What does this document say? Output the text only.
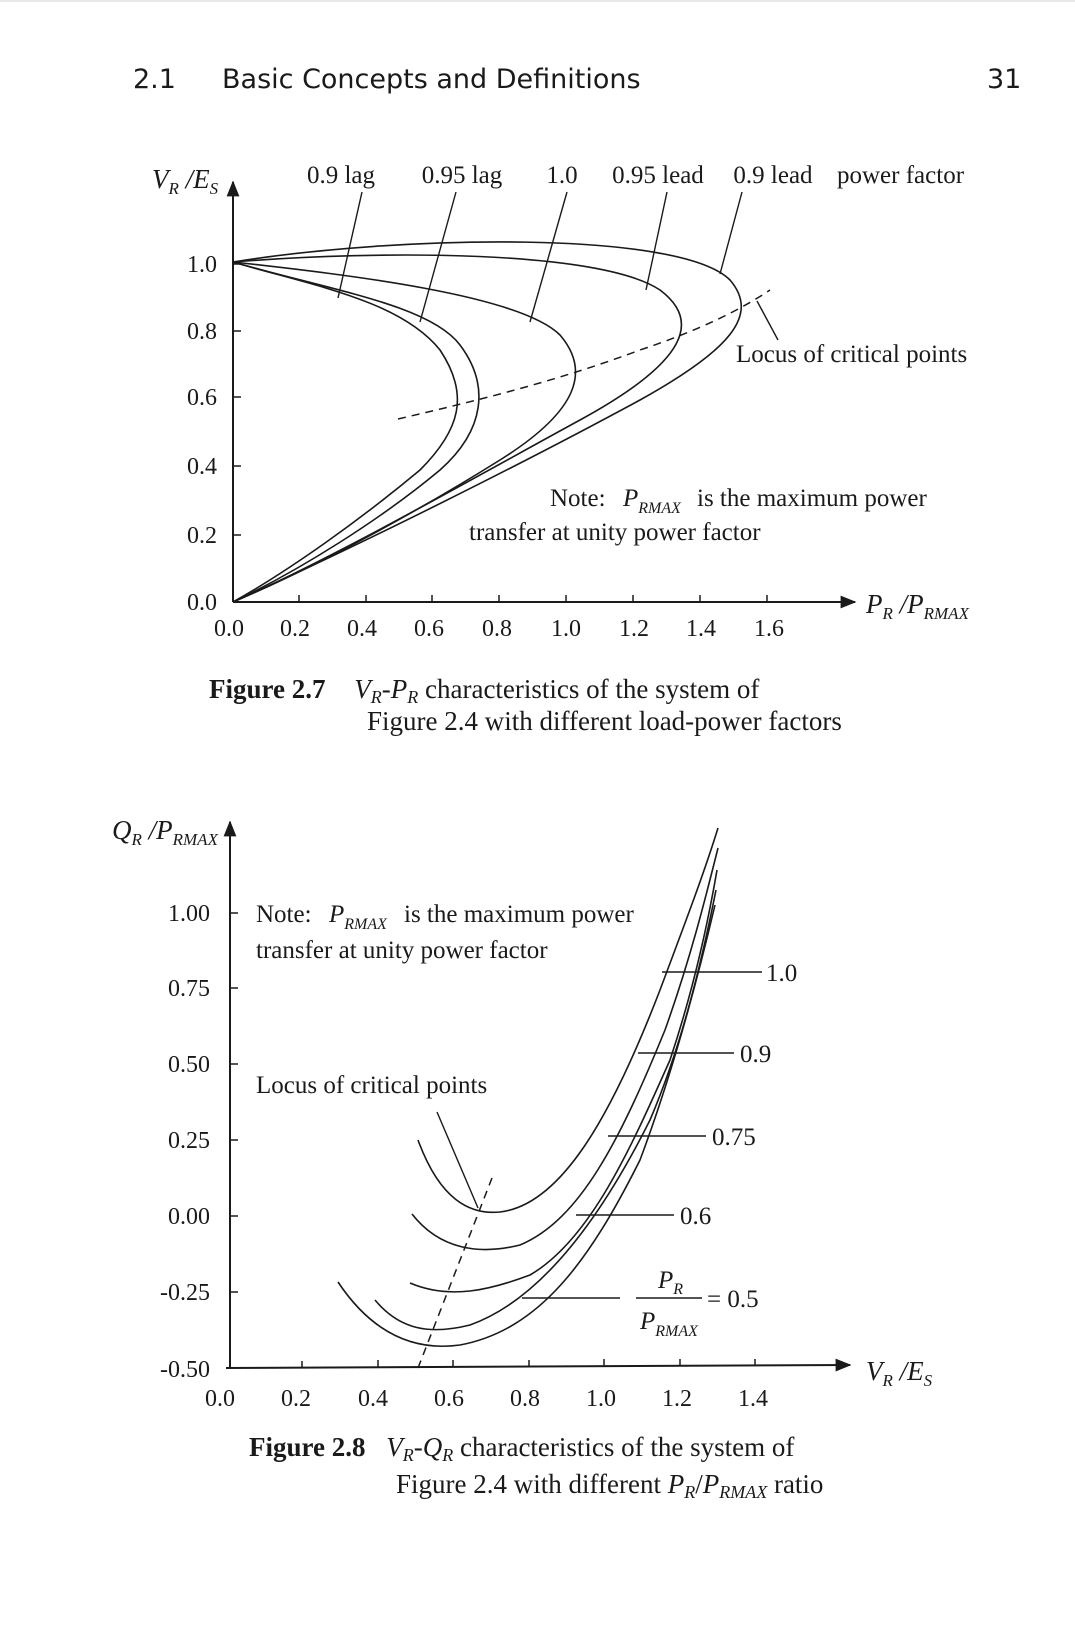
2.1 Basic Concepts and Definitions	31
0.0
0.2
0.4
0.6
0.8
1.0
0.0 0.2 0.4 0.6 0.8 1.0 1.2 1.4 1.6
$V_R$ $/E_S$
$P_R$ $/P_{RMAX}$
0.9 lag 0.95 lag 1.0 0.95 lead 0.9 lead power factor
Locus of critical points
Note: $P_{RMAX}$ is the maximum power
transfer at unity power factor
-0.50
-0.25
0.00
0.25
0.50
0.75
1.00
0.0 0.2 0.4 0.6 0.8 1.0 1.2 1.4
$Q_R$ $/P_{RMAX}$
$V_R$ $/E_S$
1.0
0.9
0.75
0.6
= 0.5
$P_R$
$P_{RMAX}$
Locus of critical points
Note: $P_{RMAX}$ is the maximum power
transfer at unity power factor
Figure 2.7 $V_R-P_R$ characteristics of the system of
Figure 2.4 with different load-power factors
Figure 2.8 $V_R-Q_R$ characteristics of the system of
Figure 2.4 with different $P_R/P_{RMAX}$ ratio
